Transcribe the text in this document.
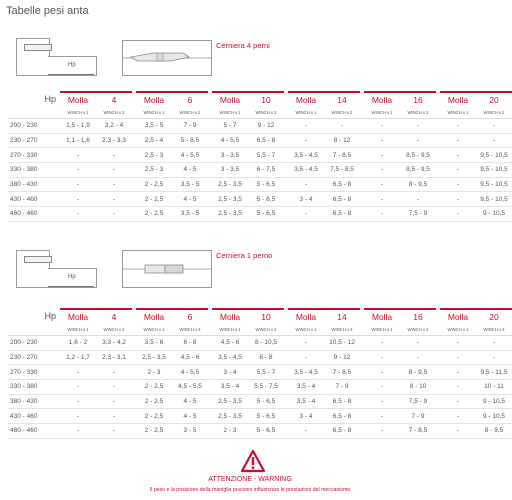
Tabelle pesi anta
Hp
Cerniera 4 perni
Hp	Molla	4		Molla	6		Molla	10		Molla	14		Molla	16		Molla	20
	WINCH x 1	WINCH x 2		WINCH x 1	WINCH x 2		WINCH x 1	WINCH x 2		WINCH x 1	WINCH x 2		WINCH x 1	WINCH x 2		WINCH x 1	WINCH x 2
200 - 230	1,5 - 1,9	3,2 - 4		3,5 - 5	7 - 9		5 - 7	9 - 12		-	-		-	-		-	-
230 - 270	1,1 - 1,6	2,3 - 3,3		2,5 - 4	5 - 8,5		4 - 5,5	6,5 - 8		-	8 - 12		-	-		-	-
270 - 330	-	-		2,5 - 3	4 - 5,5		3 - 3,5	5,5 - 7		3,5 - 4,5	7 - 8,5		-	8,5 - 9,5		-	9,5 - 10,5
330 - 380	-	-		2,5 - 3	4 - 5		3 - 3,5	6 - 7,5		3,5 - 4,5	7,5 - 8,5		-	8,5 - 9,5		-	9,5 - 10,5
380 - 430	-	-		2 - 2,5	3,5 - 5		2,5 - 3,5	5 - 6,5		-	6,5 - 8		-	8 - 9,5		-	9,5 - 10,5
430 - 460	-	-		2 - 2,5	4 - 5		2,5 - 3,5	5 - 6,5		3 - 4	6,5 - 8		-	-		-	9,5 - 10,5
460 - 460	-	-		2 - 2,5	3,5 - 5		2,5 - 3,5	5 - 6,5		-	6,5 - 8		-	7,5 - 9		-	9 - 10,5
Hp
Cerniera 1 perno
Hp	Molla	4		Molla	6		Molla	10		Molla	14		Molla	16		Molla	20
	WINCH x 1	WINCH x 2		WINCH x 1	WINCH x 2		WINCH x 1	WINCH x 2		WINCH x 1	WINCH x 2		WINCH x 1	WINCH x 2		WINCH x 1	WINCH x 2
200 - 230	1,6 - 2	3,3 - 4,2		3,5 - 6	6 - 8		4,5 - 6	8 - 10,5		-	10,5 - 12		-	-		-	-
230 - 270	1,2 - 1,7	2,3 - 3,1		2,5 - 3,5	4,5 - 6		3,5 - 4,5	6 - 8		-	9 - 12		-	-		-	-
270 - 330	-	-		2 - 3	4 - 5,5		3 - 4	5,5 - 7		3,5 - 4,5	7 - 8,5		-	8 - 9,5		-	9,5 - 11,5
330 - 380	-	-		2 - 2,5	4,5 - 5,5		3,5 - 4	5,5 - 7,5		3,5 - 4	7 - 9		-	8 - 10		-	10 - 11
380 - 430	-	-		2 - 2,5	4 - 5		2,5 - 3,5	5 - 6,5		3,5 - 4	6,5 - 8		-	7,5 - 9		-	9 - 10,5
430 - 460	-	-		2 - 2,5	4 - 5		2,5 - 3,5	5 - 6,5		3 - 4	6,5 - 8		-	7 - 9		-	9 - 10,5
460 - 460	-	-		2 - 2,5	3 - 5		2 - 3	5 - 6,5		-	6,5 - 8		-	7 - 8,5		-	8 - 9,5
ATTENZIONE - WARNING
Il peso e la posizione della maniglia possono influenzare le prestazioni del meccanismo
